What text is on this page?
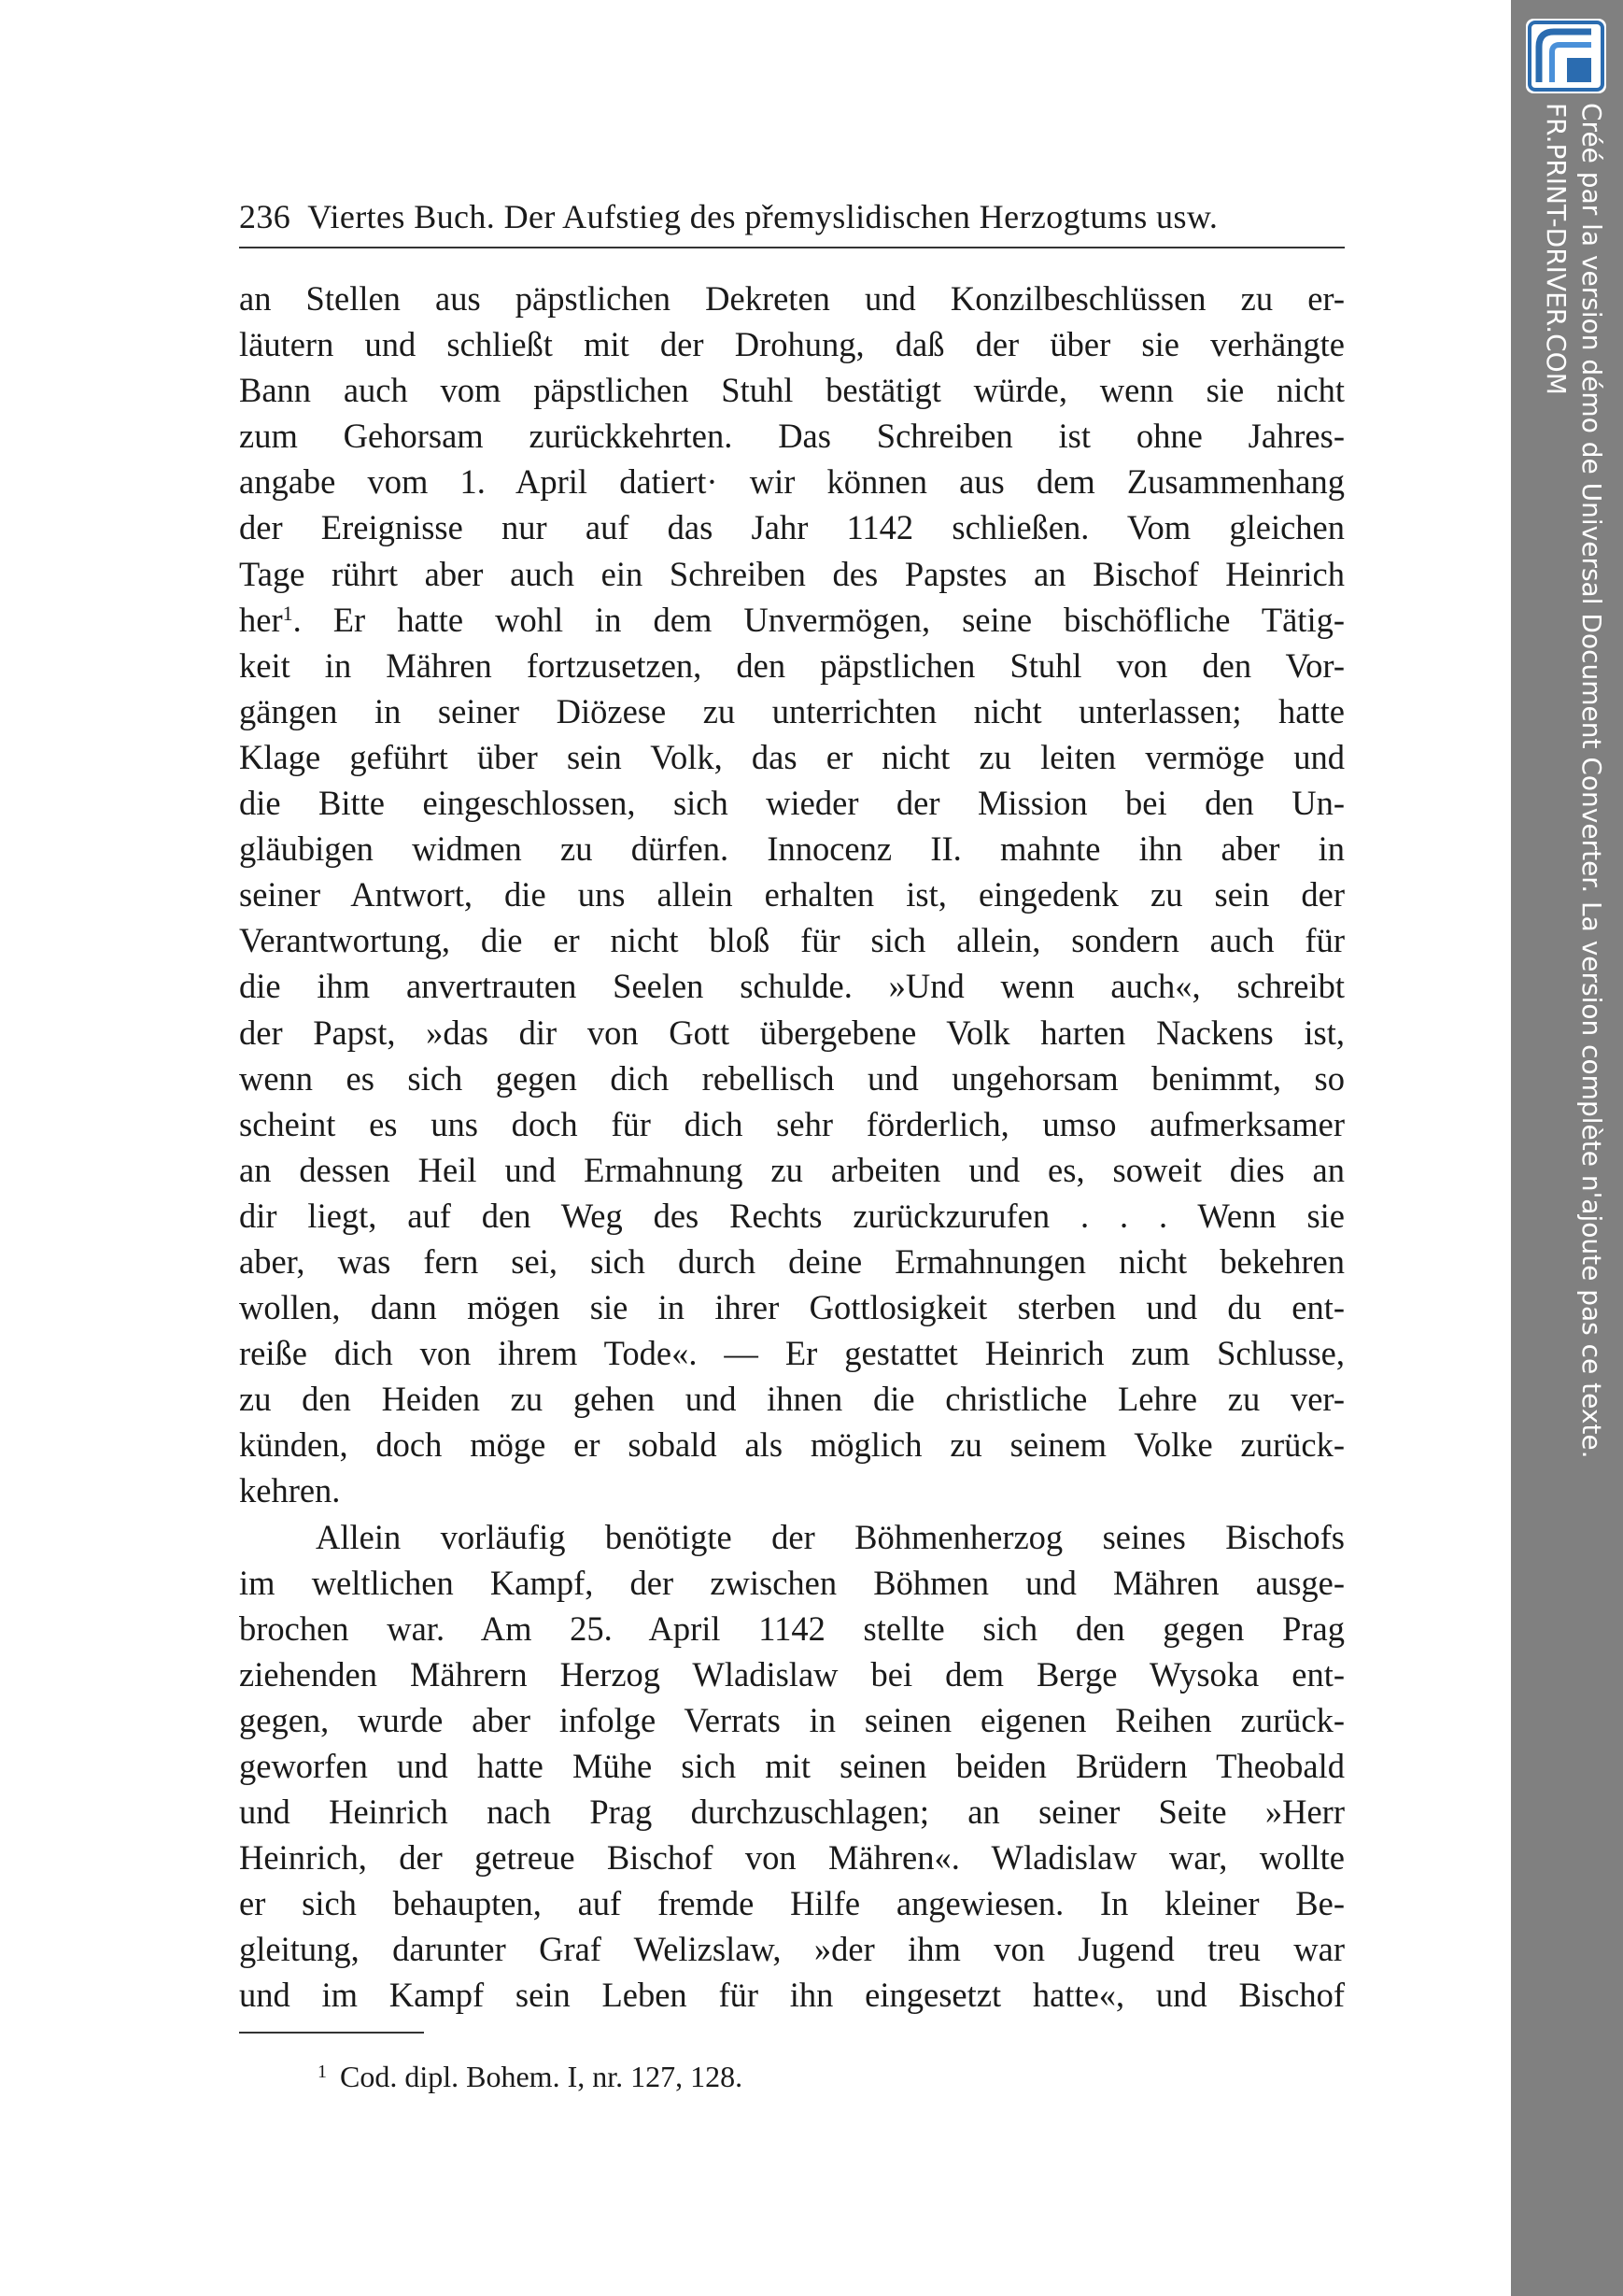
236 Viertes Buch. Der Aufstieg des přemyslidischen Herzogtums usw.
an Stellen aus päpstlichen Dekreten und Konzilbeschlüssen zu er-
läutern und schließt mit der Drohung, daß der über sie verhängte
Bann auch vom päpstlichen Stuhl bestätigt würde, wenn sie nicht
zum Gehorsam zurückkehrten. Das Schreiben ist ohne Jahres-
angabe vom 1. April datiert· wir können aus dem Zusammenhang
der Ereignisse nur auf das Jahr 1142 schließen. Vom gleichen
Tage rührt aber auch ein Schreiben des Papstes an Bischof Heinrich
her$^1$. Er hatte wohl in dem Unvermögen, seine bischöfliche Tätig-
keit in Mähren fortzusetzen, den päpstlichen Stuhl von den Vor-
gängen in seiner Diözese zu unterrichten nicht unterlassen; hatte
Klage geführt über sein Volk, das er nicht zu leiten vermöge und
die Bitte eingeschlossen, sich wieder der Mission bei den Un-
gläubigen widmen zu dürfen. Innocenz II. mahnte ihn aber in
seiner Antwort, die uns allein erhalten ist, eingedenk zu sein der
Verantwortung, die er nicht bloß für sich allein, sondern auch für
die ihm anvertrauten Seelen schulde. »Und wenn auch«, schreibt
der Papst, »das dir von Gott übergebene Volk harten Nackens ist,
wenn es sich gegen dich rebellisch und ungehorsam benimmt, so
scheint es uns doch für dich sehr förderlich, umso aufmerksamer
an dessen Heil und Ermahnung zu arbeiten und es, soweit dies an
dir liegt, auf den Weg des Rechts zurückzurufen . . . Wenn sie
aber, was fern sei, sich durch deine Ermahnungen nicht bekehren
wollen, dann mögen sie in ihrer Gottlosigkeit sterben und du ent-
reiße dich von ihrem Tode«. — Er gestattet Heinrich zum Schlusse,
zu den Heiden zu gehen und ihnen die christliche Lehre zu ver-
künden, doch möge er sobald als möglich zu seinem Volke zurück-
kehren.
Allein vorläufig benötigte der Böhmenherzog seines Bischofs
im weltlichen Kampf, der zwischen Böhmen und Mähren ausge-
brochen war. Am 25. April 1142 stellte sich den gegen Prag
ziehenden Mährern Herzog Wladislaw bei dem Berge Wysoka ent-
gegen, wurde aber infolge Verrats in seinen eigenen Reihen zurück-
geworfen und hatte Mühe sich mit seinen beiden Brüdern Theobald
und Heinrich nach Prag durchzuschlagen; an seiner Seite »Herr
Heinrich, der getreue Bischof von Mähren«. Wladislaw war, wollte
er sich behaupten, auf fremde Hilfe angewiesen. In kleiner Be-
gleitung, darunter Graf Welizslaw, »der ihm von Jugend treu war
und im Kampf sein Leben für ihn eingesetzt hatte«, und Bischof
$^1$ Cod. dipl. Bohem. I, nr. 127, 128.
Créé par la version démo de Universal Document Converter. La version complète n'ajoute pas ce texte.
FR.PRINT-DRIVER.COM
